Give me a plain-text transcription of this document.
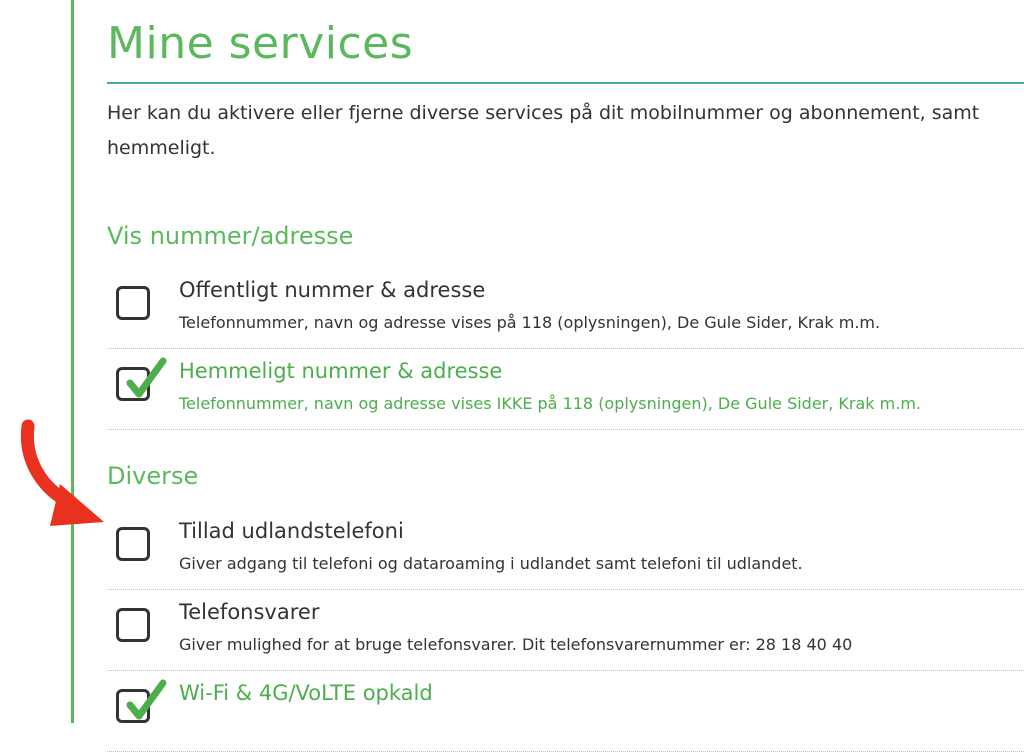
Mine services

Her kan du aktivere eller fjerne diverse services på dit mobilnummer og abonnement, samt hemmeligt.

Vis nummer/adresse
Offentligt nummer & adresse
Telefonnummer, navn og adresse vises på 118 (oplysningen), De Gule Sider, Krak m.m.
Hemmeligt nummer & adresse
Telefonnummer, navn og adresse vises IKKE på 118 (oplysningen), De Gule Sider, Krak m.m.
Diverse
Tillad udlandstelefoni
Giver adgang til telefoni og dataroaming i udlandet samt telefoni til udlandet.
Telefonsvarer
Giver mulighed for at bruge telefonsvarer. Dit telefonsvarernummer er: 28 18 40 40
Wi-Fi & 4G/VoLTE opkald
